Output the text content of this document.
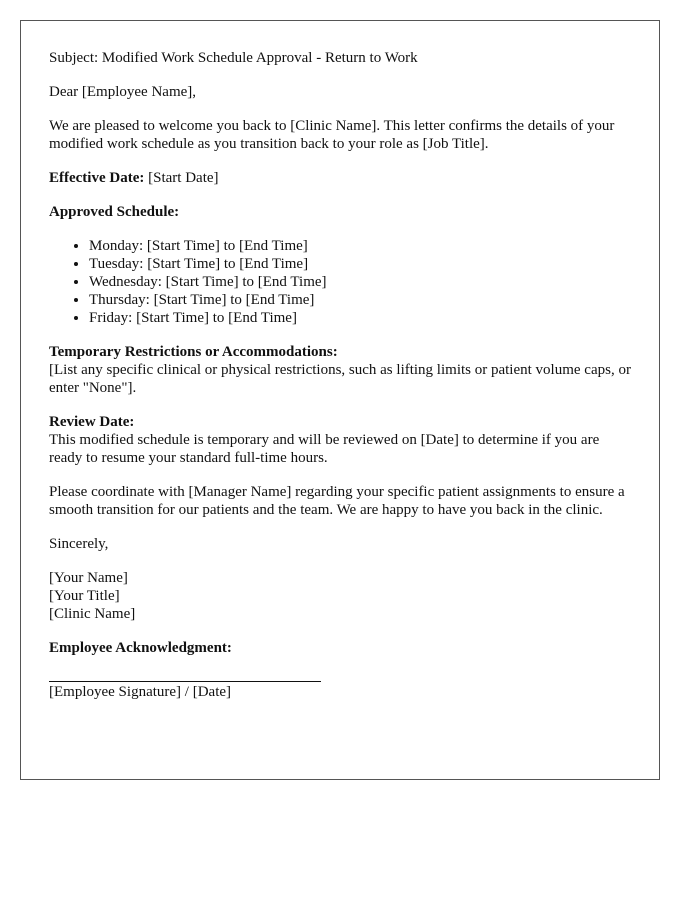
Subject: Modified Work Schedule Approval - Return to Work

Dear [Employee Name],

We are pleased to welcome you back to [Clinic Name]. This letter confirms the details of your modified work schedule as you transition back to your role as [Job Title].

Effective Date: [Start Date]

Approved Schedule:

• Monday: [Start Time] to [End Time]
• Tuesday: [Start Time] to [End Time]
• Wednesday: [Start Time] to [End Time]
• Thursday: [Start Time] to [End Time]
• Friday: [Start Time] to [End Time]

Temporary Restrictions or Accommodations:
[List any specific clinical or physical restrictions, such as lifting limits or patient volume caps, or enter "None"].

Review Date:
This modified schedule is temporary and will be reviewed on [Date] to determine if you are ready to resume your standard full-time hours.

Please coordinate with [Manager Name] regarding your specific patient assignments to ensure a smooth transition for our patients and the team. We are happy to have you back in the clinic.

Sincerely,

[Your Name]

[Your Title]

[Clinic Name]

Employee Acknowledgment:

[Employee Signature] / [Date]
